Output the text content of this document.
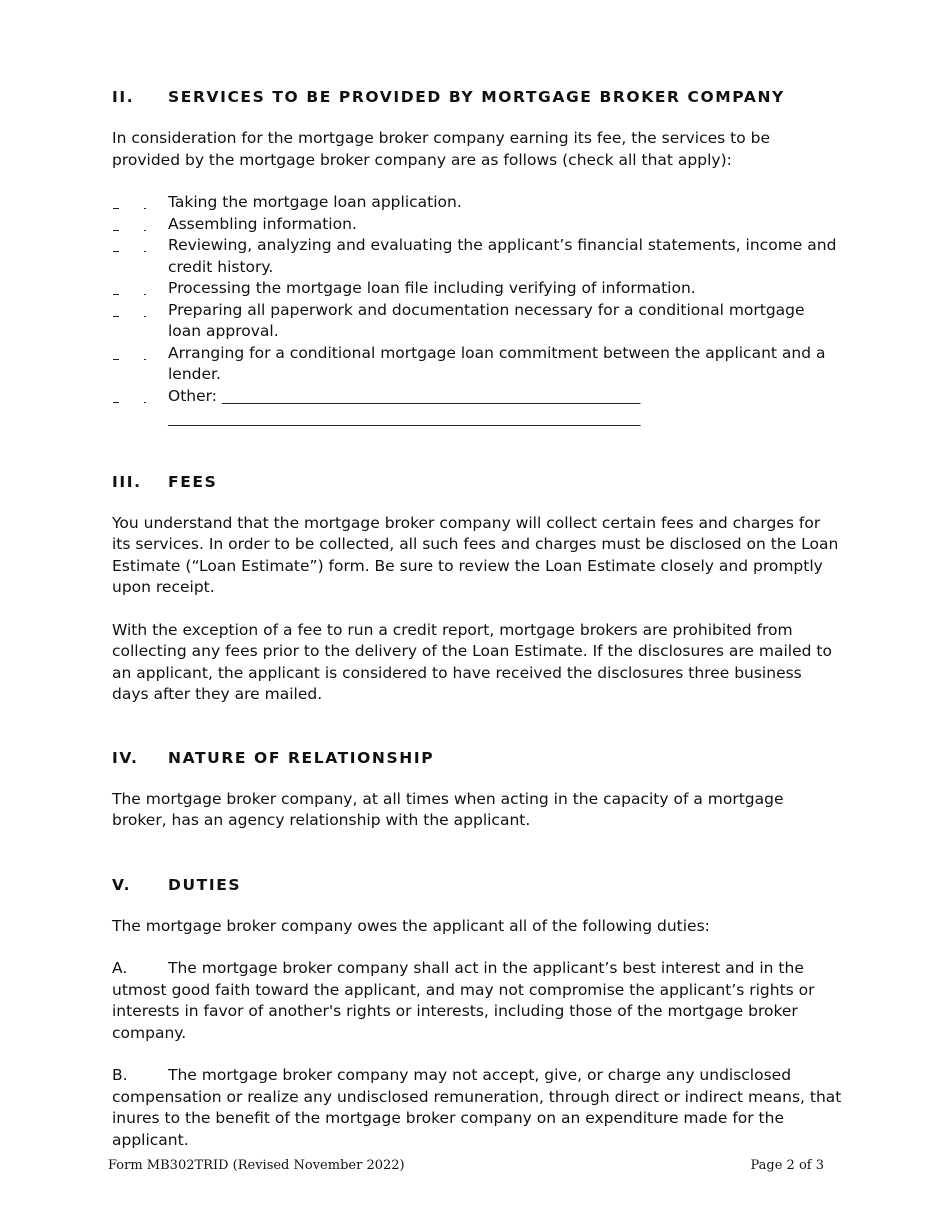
II.	SERVICES TO BE PROVIDED BY MORTGAGE BROKER COMPANY

In consideration for the mortgage broker company earning its fee, the services to be provided by the mortgage broker company are as follows (check all that apply):

Taking the mortgage loan application.
Assembling information.
Reviewing, analyzing and evaluating the applicant’s financial statements, income and credit history.
Processing the mortgage loan file including verifying of information.
Preparing all paperwork and documentation necessary for a conditional mortgage loan approval.
Arranging for a conditional mortgage loan commitment between the applicant and a lender.
Other: ______________________________________________________________
______________________________________________________________________
III.	FEES

You understand that the mortgage broker company will collect certain fees and charges for its services. In order to be collected, all such fees and charges must be disclosed on the Loan Estimate (“Loan Estimate”) form. Be sure to review the Loan Estimate closely and promptly upon receipt.

With the exception of a fee to run a credit report, mortgage brokers are prohibited from collecting any fees prior to the delivery of the Loan Estimate. If the disclosures are mailed to an applicant, the applicant is considered to have received the disclosures three business days after they are mailed.

IV.	NATURE OF RELATIONSHIP

The mortgage broker company, at all times when acting in the capacity of a mortgage broker, has an agency relationship with the applicant.

V.	DUTIES

The mortgage broker company owes the applicant all of the following duties:

A.	The mortgage broker company shall act in the applicant’s best interest and in the utmost good faith toward the applicant, and may not compromise the applicant’s rights or interests in favor of another's rights or interests, including those of the mortgage broker company.

B.	The mortgage broker company may not accept, give, or charge any undisclosed compensation or realize any undisclosed remuneration, through direct or indirect means, that inures to the benefit of the mortgage broker company on an expenditure made for the applicant.

Form MB302TRID (Revised November 2022)	Page 2 of 3
